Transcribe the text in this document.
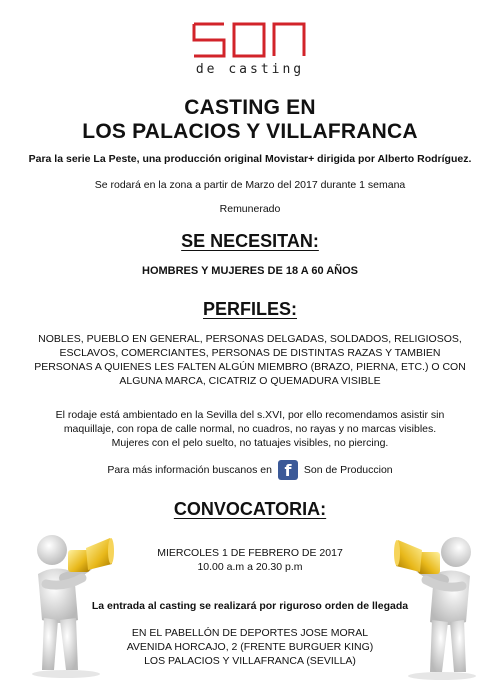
de casting
CASTING EN
LOS PALACIOS Y VILLAFRANCA
Para la serie La Peste, una producción original Movistar+ dirigida por Alberto Rodríguez.
Se rodará en la zona a partir de Marzo del 2017 durante 1 semana
Remunerado
SE NECESITAN:
HOMBRES Y MUJERES DE 18 A 60 AÑOS
PERFILES:
NOBLES, PUEBLO EN GENERAL, PERSONAS DELGADAS, SOLDADOS, RELIGIOSOS,
ESCLAVOS, COMERCIANTES, PERSONAS DE DISTINTAS RAZAS Y TAMBIEN
PERSONAS A QUIENES LES FALTEN ALGÚN MIEMBRO (BRAZO, PIERNA, ETC.) O CON
ALGUNA MARCA, CICATRIZ O QUEMADURA VISIBLE
El rodaje está ambientado en la Sevilla del s.XVI, por ello recomendamos asistir sin
maquillaje, con ropa de calle normal, no cuadros, no rayas y no marcas visibles.
Mujeres con el pelo suelto, no tatuajes visibles, no piercing.
Para más información buscanos en f	Son de Produccion
CONVOCATORIA:
MIERCOLES 1 DE FEBRERO DE 2017
10.00 a.m a 20.30 p.m
La entrada al casting se realizará por riguroso orden de llegada
EN EL PABELLÓN DE DEPORTES JOSE MORAL
AVENIDA HORCAJO, 2 (FRENTE BURGUER KING)
LOS PALACIOS Y VILLAFRANCA (SEVILLA)
